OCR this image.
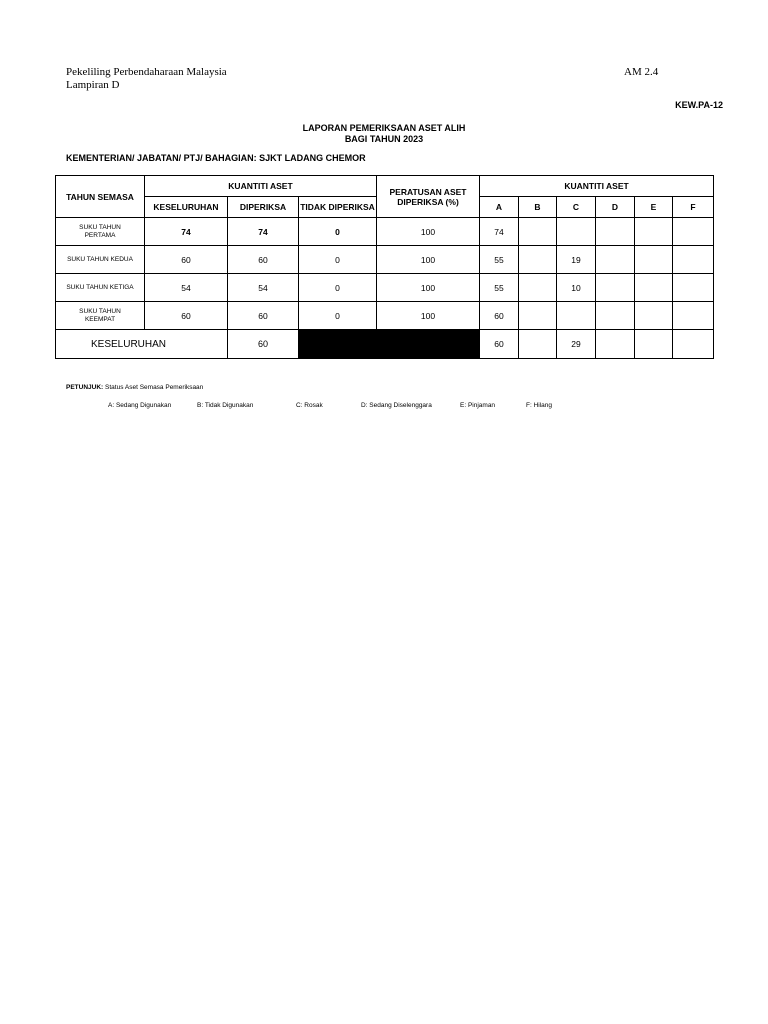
Pekeliling Perbendaharaan Malaysia
Lampiran D
AM 2.4
KEW.PA-12
LAPORAN PEMERIKSAAN ASET ALIH
BAGI TAHUN 2023
KEMENTERIAN/ JABATAN/ PTJ/ BAHAGIAN: SJKT LADANG CHEMOR
TAHUN SEMASA	KUANTITI ASET			PERATUSAN ASET DIPERIKSA (%)	KUANTITI ASET					
	KESELURUHAN	DIPERIKSA	TIDAK DIPERIKSA		A	B	C	D	E	F
SUKU TAHUN PERTAMA	74	74	0	100	74					
SUKU TAHUN KEDUA	60	60	0	100	55		19			
SUKU TAHUN KETIGA	54	54	0	100	55		10			
SUKU TAHUN KEEMPAT	60	60	0	100	60					
KESELURUHAN		60			60		29			
PETUNJUK: Status Aset Semasa Pemeriksaan
A: Sedang Digunakan	B: Tidak Digunakan	C: Rosak	D: Sedang Diselenggara	E: Pinjaman	F: Hilang
